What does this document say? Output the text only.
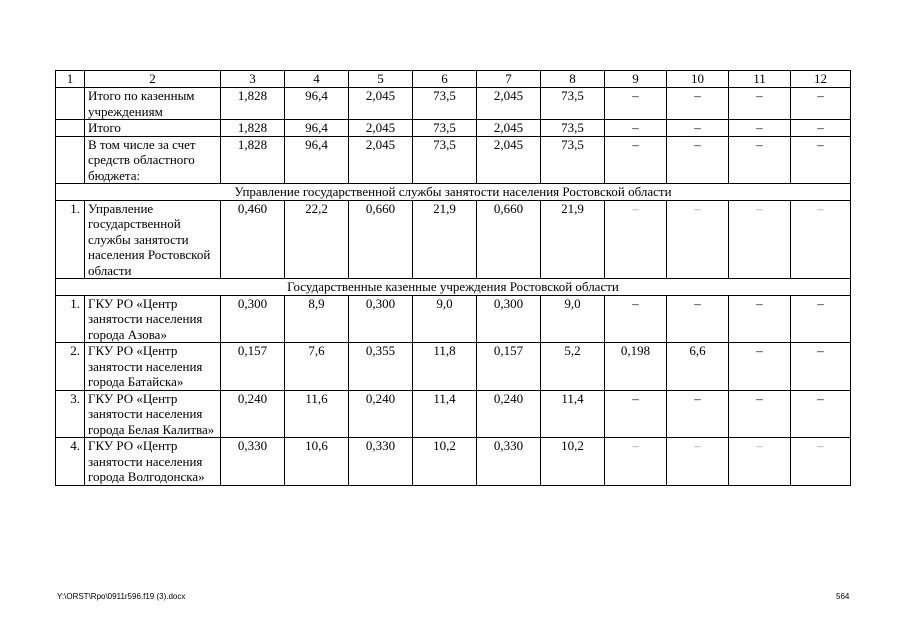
1	2	3	4	5	6	7	8	9	10	11	12
	Итого по казенным учреждениям	1,828	96,4	2,045	73,5	2,045	73,5	–	–	–	–
	Итого	1,828	96,4	2,045	73,5	2,045	73,5	–	–	–	–
	В том числе за счет средств областного бюджета:	1,828	96,4	2,045	73,5	2,045	73,5	–	–	–	–
Управление государственной службы занятости населения Ростовской области											
1.	Управление государственной службы занятости населения Ростовской области	0,460	22,2	0,660	21,9	0,660	21,9	–	–	–	–
Государственные казенные учреждения Ростовской области											
1.	ГКУ РО «Центр занятости населения города Азова»	0,300	8,9	0,300	9,0	0,300	9,0	–	–	–	–
2.	ГКУ РО «Центр занятости населения города Батайска»	0,157	7,6	0,355	11,8	0,157	5,2	0,198	6,6	–	–
3.	ГКУ РО «Центр занятости населения города Белая Калитва»	0,240	11,6	0,240	11,4	0,240	11,4	–	–	–	–
4.	ГКУ РО «Центр занятости населения города Волгодонска»	0,330	10,6	0,330	10,2	0,330	10,2	–	–	–	–
Y:\ORST\Rpo\0911r596.f19 (3).docx	564
